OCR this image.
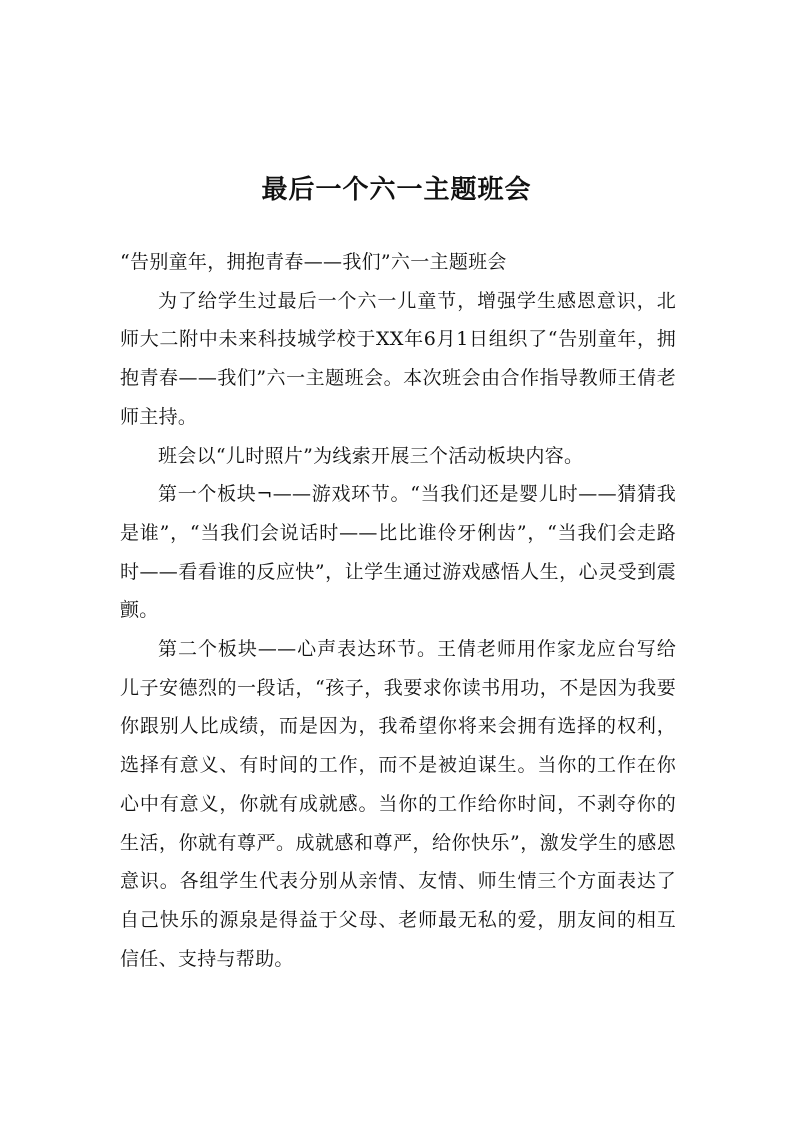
最后一个六一主题班会

“告别童年，拥抱青春——我们”六一主题班会

为了给学生过最后一个六一儿童节，增强学生感恩意识，北师大二附中未来科技城学校于XX年6月1日组织了“告别童年，拥抱青春——我们”六一主题班会。本次班会由合作指导教师王倩老师主持。

班会以“儿时照片”为线索开展三个活动板块内容。

第一个板块¬——游戏环节。“当我们还是婴儿时——猜猜我是谁”，“当我们会说话时——比比谁伶牙俐齿”，“当我们会走路时——看看谁的反应快”，让学生通过游戏感悟人生，心灵受到震颤。

第二个板块——心声表达环节。王倩老师用作家龙应台写给儿子安德烈的一段话，“孩子，我要求你读书用功，不是因为我要你跟别人比成绩，而是因为，我希望你将来会拥有选择的权利，选择有意义、有时间的工作，而不是被迫谋生。当你的工作在你心中有意义，你就有成就感。当你的工作给你时间，不剥夺你的生活，你就有尊严。成就感和尊严，给你快乐”，激发学生的感恩意识。各组学生代表分别从亲情、友情、师生情三个方面表达了自己快乐的源泉是得益于父母、老师最无私的爱，朋友间的相互信任、支持与帮助。
